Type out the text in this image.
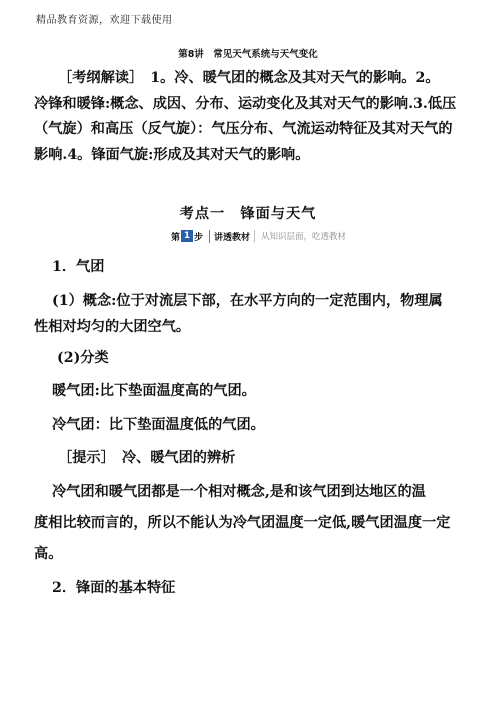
精品教育资源，欢迎下载使用
第8讲　常见天气系统与天气变化
［考纲解读］　1。冷、暖气团的概念及其对天气的影响。2。
冷锋和暖锋:概念、成因、分布、运动变化及其对天气的影响.3.低压
（气旋）和高压（反气旋）：气压分布、气流运动特征及其对天气的
影响.4。锋面气旋:形成及其对天气的影响。
考点一　锋面与天气
第 1 步	讲透教材	从知识层面，吃透教材
1．气团
(1）概念:位于对流层下部，在水平方向的一定范围内，物理属
性相对均匀的大团空气。
(2)分类
暖气团:比下垫面温度高的气团。
冷气团：比下垫面温度低的气团。
［提示］　冷、暖气团的辨析
冷气团和暖气团都是一个相对概念,是和该气团到达地区的温
度相比较而言的，所以不能认为冷气团温度一定低,暖气团温度一定
高。
2．锋面的基本特征
